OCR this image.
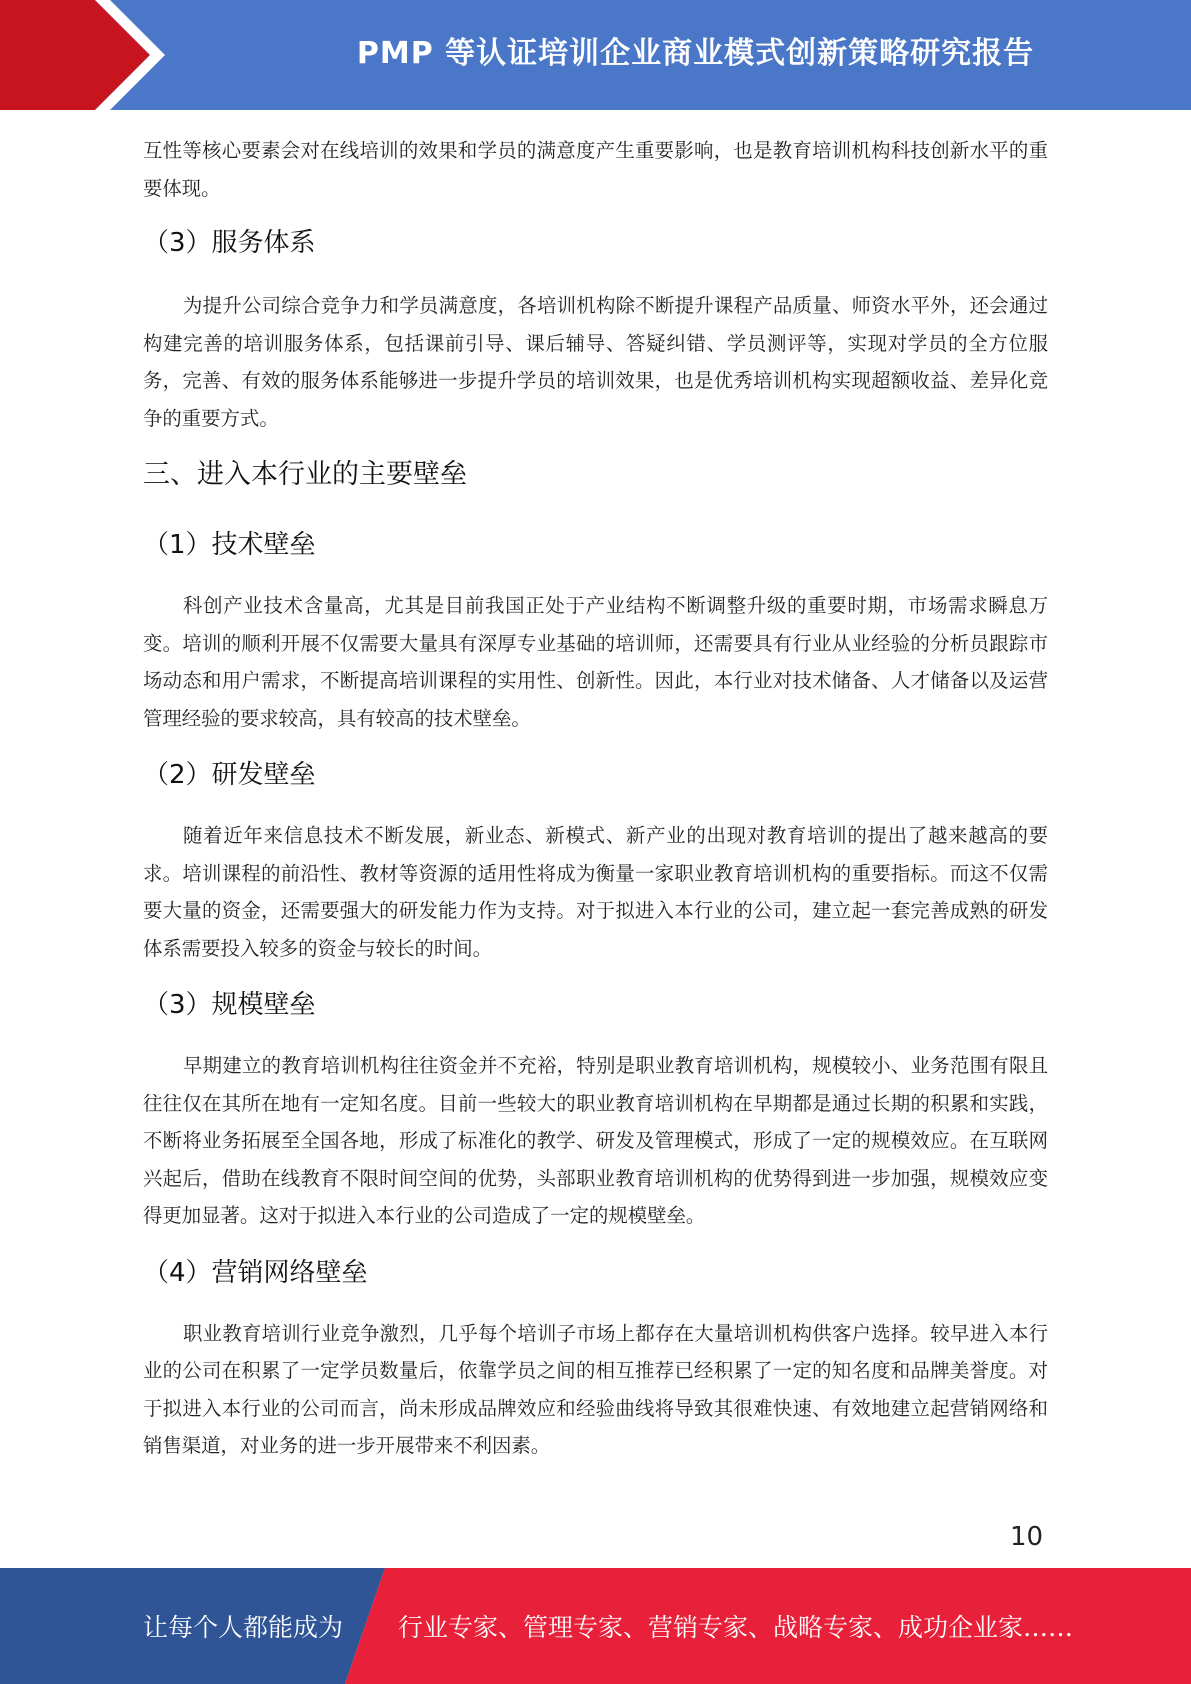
PMP 等认证培训企业商业模式创新策略研究报告

互性等核心要素会对在线培训的效果和学员的满意度产生重要影响，也是教育培训机构科技创新水平的重要体现。

（3）服务体系

为提升公司综合竞争力和学员满意度，各培训机构除不断提升课程产品质量、师资水平外，还会通过构建完善的培训服务体系，包括课前引导、课后辅导、答疑纠错、学员测评等，实现对学员的全方位服务，完善、有效的服务体系能够进一步提升学员的培训效果，也是优秀培训机构实现超额收益、差异化竞争的重要方式。

三、进入本行业的主要壁垒

（1）技术壁垒

科创产业技术含量高，尤其是目前我国正处于产业结构不断调整升级的重要时期，市场需求瞬息万变。培训的顺利开展不仅需要大量具有深厚专业基础的培训师，还需要具有行业从业经验的分析员跟踪市场动态和用户需求，不断提高培训课程的实用性、创新性。因此，本行业对技术储备、人才储备以及运营管理经验的要求较高，具有较高的技术壁垒。

（2）研发壁垒

随着近年来信息技术不断发展，新业态、新模式、新产业的出现对教育培训的提出了越来越高的要求。培训课程的前沿性、教材等资源的适用性将成为衡量一家职业教育培训机构的重要指标。而这不仅需要大量的资金，还需要强大的研发能力作为支持。对于拟进入本行业的公司，建立起一套完善成熟的研发体系需要投入较多的资金与较长的时间。

（3）规模壁垒

早期建立的教育培训机构往往资金并不充裕，特别是职业教育培训机构，规模较小、业务范围有限且往往仅在其所在地有一定知名度。目前一些较大的职业教育培训机构在早期都是通过长期的积累和实践，不断将业务拓展至全国各地，形成了标准化的教学、研发及管理模式，形成了一定的规模效应。在互联网兴起后，借助在线教育不限时间空间的优势，头部职业教育培训机构的优势得到进一步加强，规模效应变得更加显著。这对于拟进入本行业的公司造成了一定的规模壁垒。

（4）营销网络壁垒

职业教育培训行业竞争激烈，几乎每个培训子市场上都存在大量培训机构供客户选择。较早进入本行业的公司在积累了一定学员数量后，依靠学员之间的相互推荐已经积累了一定的知名度和品牌美誉度。对于拟进入本行业的公司而言，尚未形成品牌效应和经验曲线将导致其很难快速、有效地建立起营销网络和销售渠道，对业务的进一步开展带来不利因素。

10
让每个人都能成为 行业专家、管理专家、营销专家、战略专家、成功企业家……
